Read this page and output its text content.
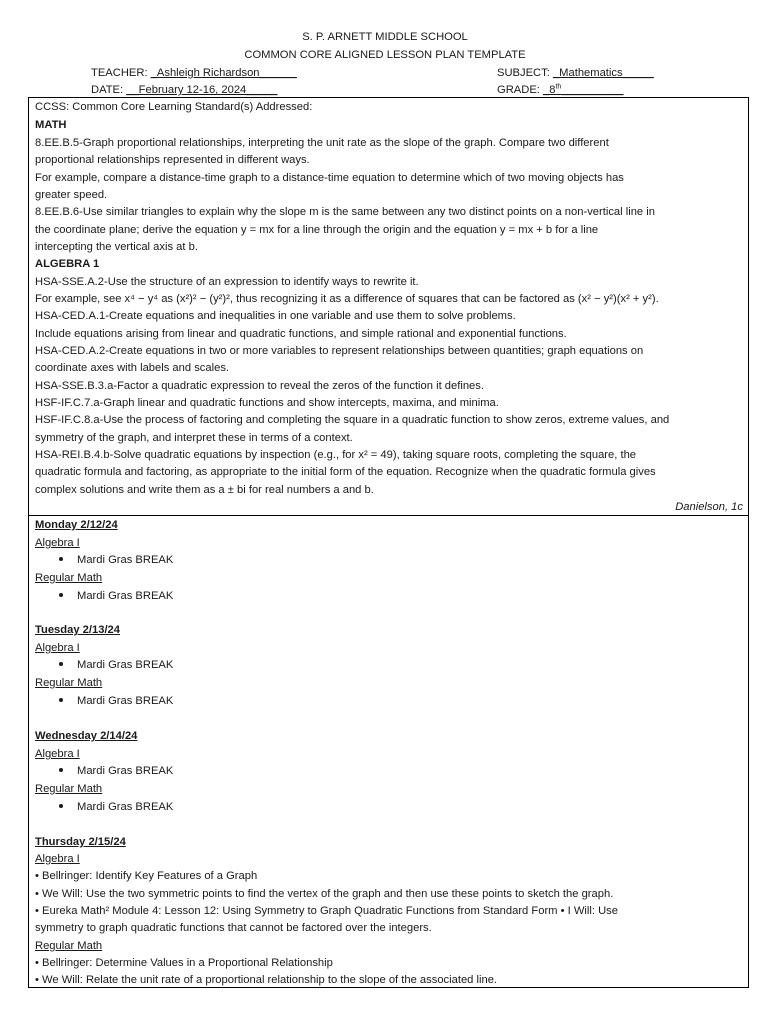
S. P. ARNETT MIDDLE SCHOOL
COMMON CORE ALIGNED LESSON PLAN TEMPLATE
TEACHER: _Ashleigh Richardson______	SUBJECT: _Mathematics_____
DATE: __February 12-16, 2024_____	GRADE: _8th__________
CCSS: Common Core Learning Standard(s) Addressed:
MATH
8.EE.B.5-Graph proportional relationships, interpreting the unit rate as the slope of the graph. Compare two different
proportional relationships represented in different ways.
For example, compare a distance-time graph to a distance-time equation to determine which of two moving objects has
greater speed.
8.EE.B.6-Use similar triangles to explain why the slope m is the same between any two distinct points on a non-vertical line in
the coordinate plane; derive the equation y = mx for a line through the origin and the equation y = mx + b for a line
intercepting the vertical axis at b.
ALGEBRA 1
HSA-SSE.A.2-Use the structure of an expression to identify ways to rewrite it.
For example, see x⁴ − y⁴ as (x²)² − (y²)², thus recognizing it as a difference of squares that can be factored as (x² − y²)(x² + y²).
HSA-CED.A.1-Create equations and inequalities in one variable and use them to solve problems.
Include equations arising from linear and quadratic functions, and simple rational and exponential functions.
HSA-CED.A.2-Create equations in two or more variables to represent relationships between quantities; graph equations on
coordinate axes with labels and scales.
HSA-SSE.B.3.a-Factor a quadratic expression to reveal the zeros of the function it defines.
HSF-IF.C.7.a-Graph linear and quadratic functions and show intercepts, maxima, and minima.
HSF-IF.C.8.a-Use the process of factoring and completing the square in a quadratic function to show zeros, extreme values, and
symmetry of the graph, and interpret these in terms of a context.
HSA-REI.B.4.b-Solve quadratic equations by inspection (e.g., for x² = 49), taking square roots, completing the square, the
quadratic formula and factoring, as appropriate to the initial form of the equation. Recognize when the quadratic formula gives
complex solutions and write them as a ± bi for real numbers a and b.
Danielson, 1c
Monday 2/12/24
Algebra I
Mardi Gras BREAK
Regular Math
Mardi Gras BREAK
Tuesday 2/13/24
Algebra I
Mardi Gras BREAK
Regular Math
Mardi Gras BREAK
Wednesday 2/14/24
Algebra I
Mardi Gras BREAK
Regular Math
Mardi Gras BREAK
Thursday 2/15/24
Algebra I
• Bellringer: Identify Key Features of a Graph
• We Will: Use the two symmetric points to find the vertex of the graph and then use these points to sketch the graph.
• Eureka Math² Module 4: Lesson 12: Using Symmetry to Graph Quadratic Functions from Standard Form • I Will: Use
symmetry to graph quadratic functions that cannot be factored over the integers.
Regular Math
• Bellringer: Determine Values in a Proportional Relationship
• We Will: Relate the unit rate of a proportional relationship to the slope of the associated line.
